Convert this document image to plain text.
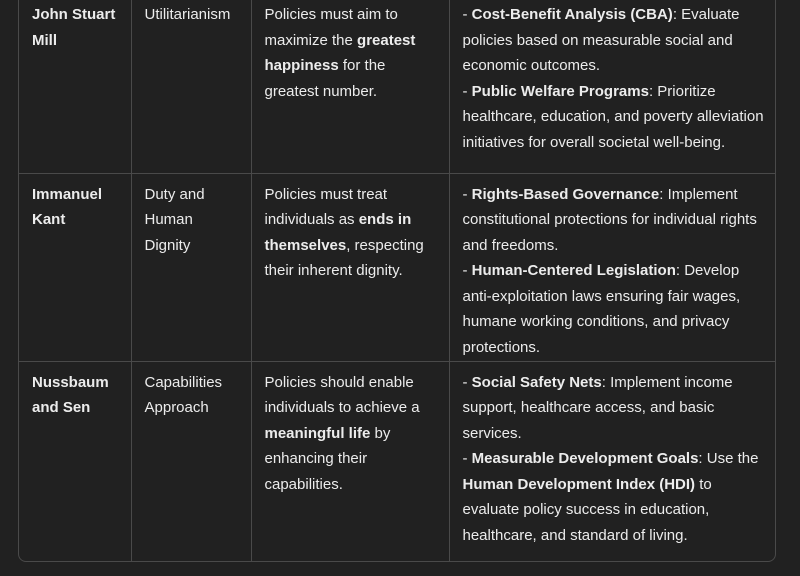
John Stuart Mill	Utilitarianism	Policies must aim to maximize the greatest happiness for the greatest number.	- Cost-Benefit Analysis (CBA): Evaluate policies based on measurable social and economic outcomes.
- Public Welfare Programs: Prioritize healthcare, education, and poverty alleviation initiatives for overall societal well-being.

Immanuel Kant	Duty and Human Dignity	Policies must treat individuals as ends in themselves, respecting their inherent dignity.	- Rights-Based Governance: Implement constitutional protections for individual rights and freedoms.
- Human-Centered Legislation: Develop anti-exploitation laws ensuring fair wages, humane working conditions, and privacy protections.

Nussbaum and Sen	Capabilities Approach	Policies should enable individuals to achieve a meaningful life by enhancing their capabilities.	- Social Safety Nets: Implement income support, healthcare access, and basic services.
- Measurable Development Goals: Use the Human Development Index (HDI) to evaluate policy success in education, healthcare, and standard of living.
